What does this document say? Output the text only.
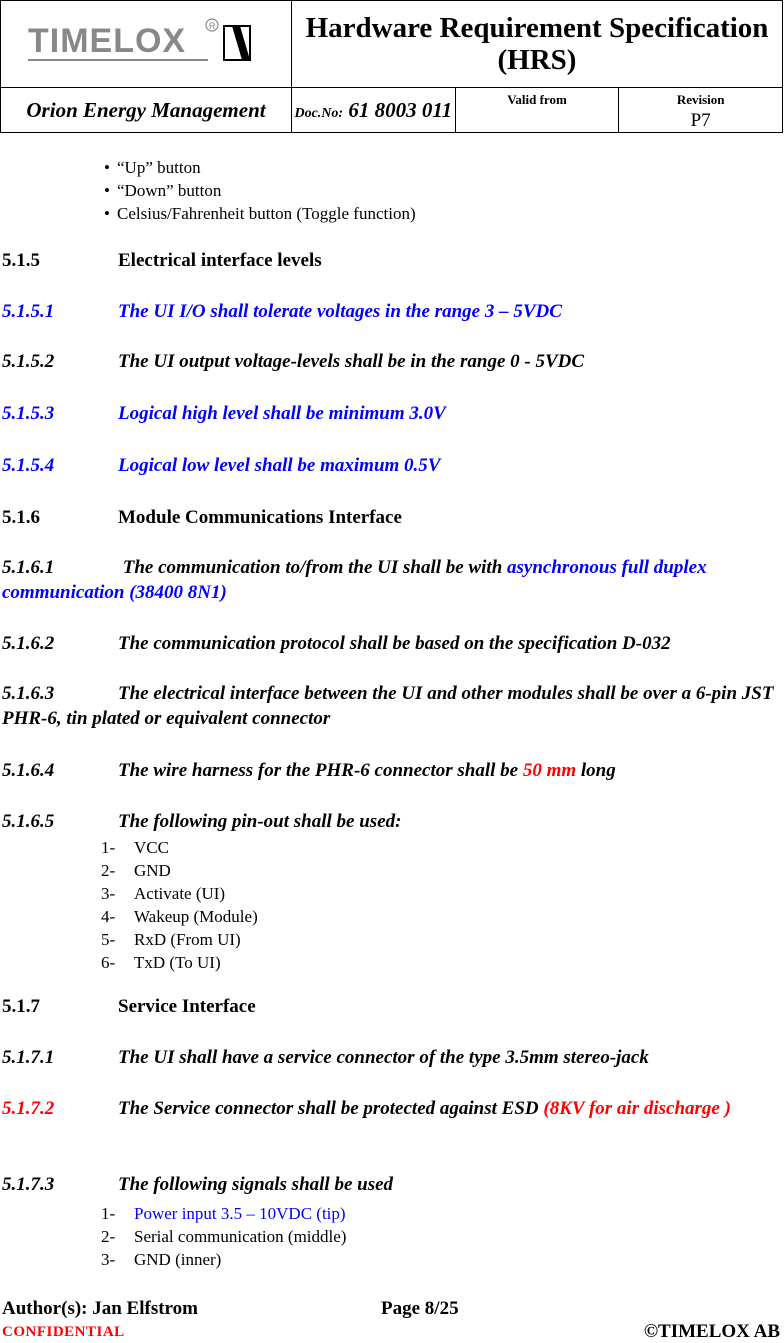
TIMELOX R	Hardware Requirement Specification (HRS)		
Orion Energy Management	Doc.No: 61 8003 011	Valid from	Revision
P7
• “Up” button
• “Down” button
• Celsius/Fahrenheit button (Toggle function)
5.1.5	Electrical interface levels
5.1.5.1	The UI I/O shall tolerate voltages in the range 3 – 5VDC
5.1.5.2	The UI output voltage-levels shall be in the range 0 - 5VDC
5.1.5.3	Logical high level shall be minimum 3.0V
5.1.5.4	Logical low level shall be maximum 0.5V
5.1.6	Module Communications Interface
5.1.6.1	The communication to/from the UI shall be with asynchronous full duplex communication (38400 8N1)
5.1.6.2	The communication protocol shall be based on the specification D-032
5.1.6.3	The electrical interface between the UI and other modules shall be over a 6-pin JST PHR-6, tin plated or equivalent connector
5.1.6.4	The wire harness for the PHR-6 connector shall be 50 mm long
5.1.6.5	The following pin-out shall be used:
1- VCC
2- GND
3- Activate (UI)
4- Wakeup (Module)
5- RxD (From UI)
6- TxD (To UI)
5.1.7	Service Interface
5.1.7.1	The UI shall have a service connector of the type 3.5mm stereo-jack
5.1.7.2	The Service connector shall be protected against ESD (8KV for air discharge )
5.1.7.3	The following signals shall be used
1- Power input 3.5 – 10VDC (tip)
2- Serial communication (middle)
3- GND (inner)
Author(s): Jan Elfstrom	Page 8/25
CONFIDENTIAL	©TIMELOX AB
